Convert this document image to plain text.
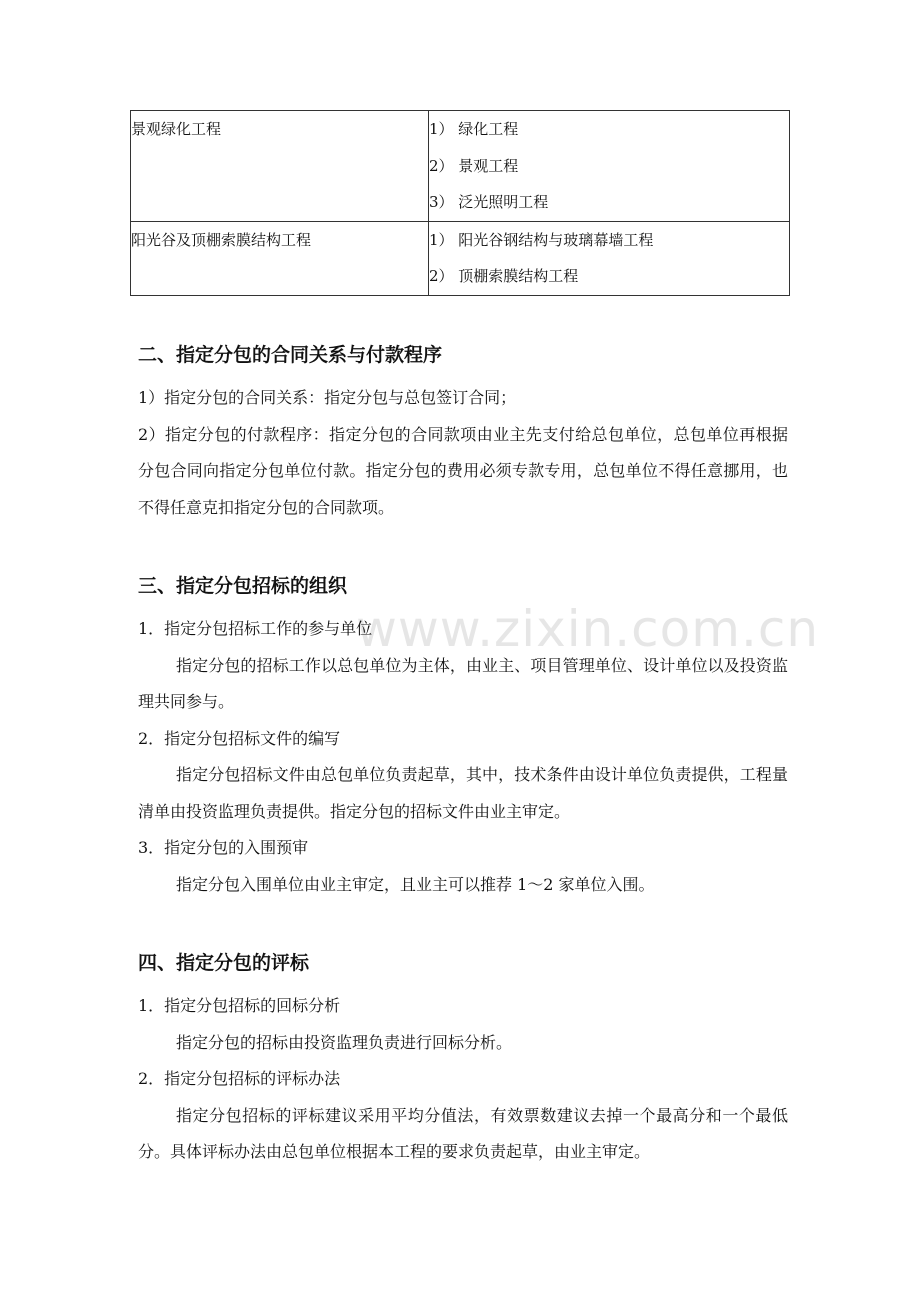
www.zixin.com.cn
景观绿化工程	1） 绿化工程
2） 景观工程
3） 泛光照明工程

阳光谷及顶棚索膜结构工程	1） 阳光谷钢结构与玻璃幕墙工程
2） 顶棚索膜结构工程
二、指定分包的合同关系与付款程序
1）指定分包的合同关系：指定分包与总包签订合同；
2）指定分包的付款程序：指定分包的合同款项由业主先支付给总包单位，总包单位再根据分包合同向指定分包单位付款。指定分包的费用必须专款专用，总包单位不得任意挪用，也不得任意克扣指定分包的合同款项。
三、指定分包招标的组织
1．指定分包招标工作的参与单位
指定分包的招标工作以总包单位为主体，由业主、项目管理单位、设计单位以及投资监理共同参与。
2．指定分包招标文件的编写
指定分包招标文件由总包单位负责起草，其中，技术条件由设计单位负责提供，工程量清单由投资监理负责提供。指定分包的招标文件由业主审定。
3．指定分包的入围预审
指定分包入围单位由业主审定，且业主可以推荐 1～2 家单位入围。
四、指定分包的评标
1．指定分包招标的回标分析
指定分包的招标由投资监理负责进行回标分析。
2．指定分包招标的评标办法
指定分包招标的评标建议采用平均分值法，有效票数建议去掉一个最高分和一个最低分。具体评标办法由总包单位根据本工程的要求负责起草，由业主审定。
